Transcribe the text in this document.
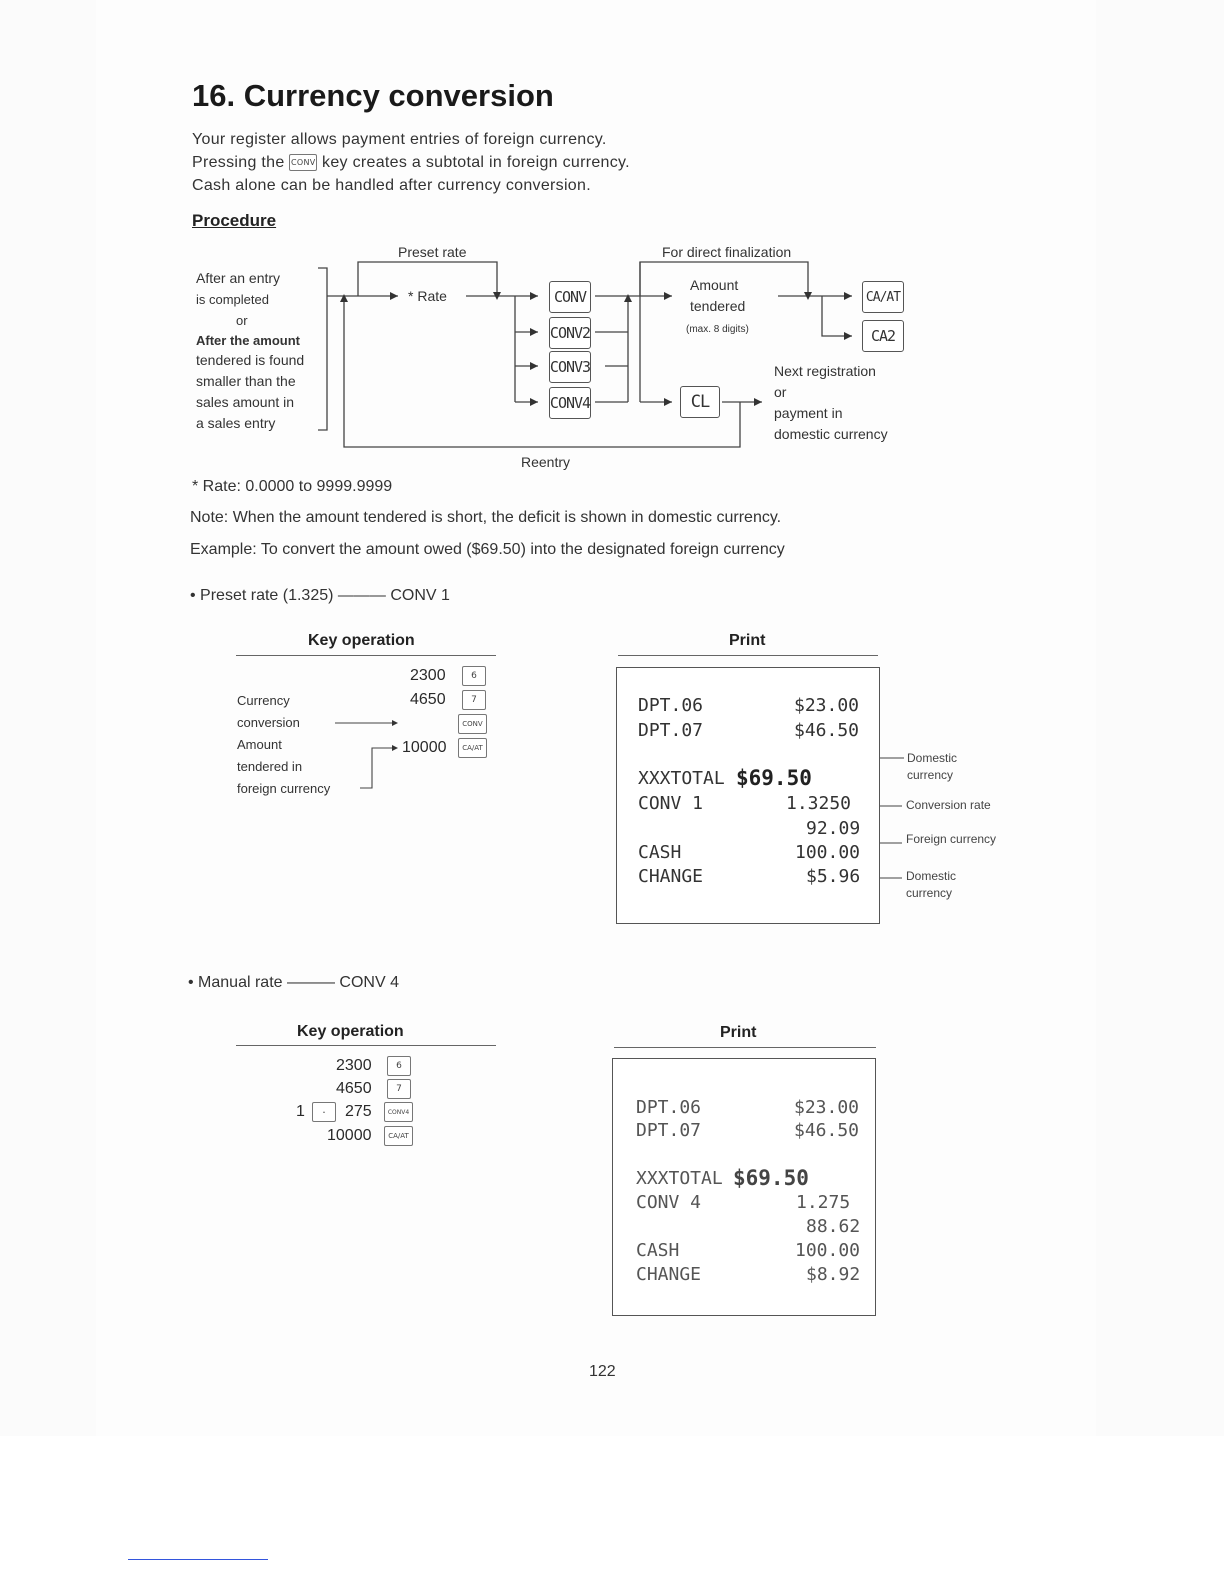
16. Currency conversion
Your register allows payment entries of foreign currency.
Pressing the CONV key creates a subtotal in foreign currency.
Cash alone can be handled after currency conversion.
Procedure
Preset rate	For direct finalization
After an entry
is completed
or
After the amount
tendered is found
smaller than the
sales amount in
a sales entry
* Rate	CONV
CONV2
CONV3
CONV4
Amount
tendered
(max. 8 digits)
CA/AT
CA2
CL
Next registration
or
payment in
domestic currency
Reentry
* Rate: 0.0000 to 9999.9999
Note: When the amount tendered is short, the deficit is shown in domestic currency.
Example: To convert the amount owed ($69.50) into the designated foreign currency
• Preset rate (1.325) ——— CONV 1
Key operation	Print
2300	6
4650	7
CONV
10000	CA/AT
Currency
conversion
Amount
tendered in
foreign currency
DPT.06	$23.00
DPT.07	$46.50
XXXTOTAL $69.50
CONV 1	1.3250
92.09
CASH	100.00
CHANGE	$5.96
Domestic
currency
Conversion rate
Foreign currency
Domestic
currency
• Manual rate ——— CONV 4
Key operation	Print
2300	6
4650	7
1	·	275	CONV4
10000	CA/AT
DPT.06	$23.00
DPT.07	$46.50
XXXTOTAL $69.50
CONV 4	1.275
88.62
CASH	100.00
CHANGE	$8.92
122
